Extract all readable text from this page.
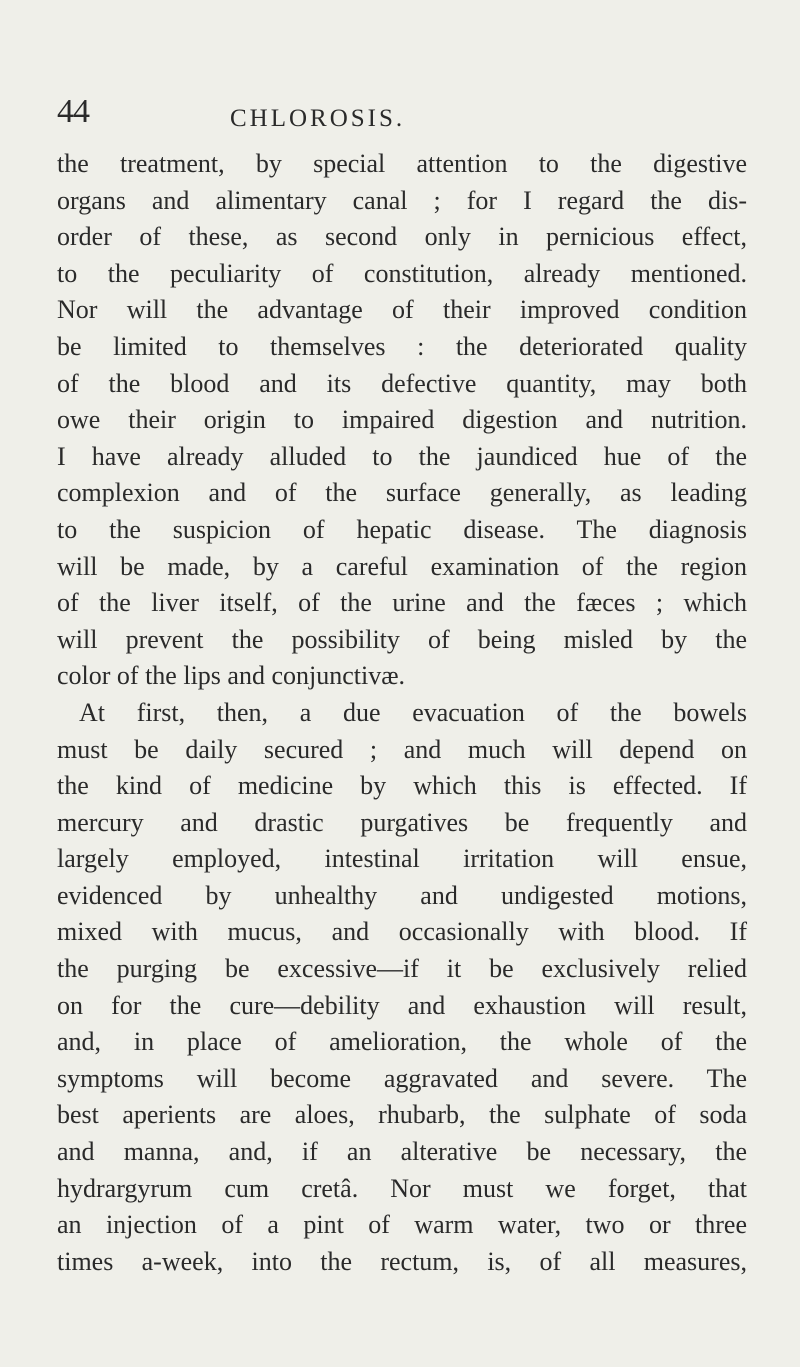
44	CHLOROSIS.
the treatment, by special attention to the digestive
organs and alimentary canal ; for I regard the dis-
order of these, as second only in pernicious effect,
to the peculiarity of constitution, already mentioned.
Nor will the advantage of their improved condition
be limited to themselves : the deteriorated quality
of the blood and its defective quantity, may both
owe their origin to impaired digestion and nutrition.
I have already alluded to the jaundiced hue of the
complexion and of the surface generally, as leading
to the suspicion of hepatic disease. The diagnosis
will be made, by a careful examination of the region
of the liver itself, of the urine and the fæces ; which
will prevent the possibility of being misled by the
color of the lips and conjunctivæ.
At first, then, a due evacuation of the bowels
must be daily secured ; and much will depend on
the kind of medicine by which this is effected. If
mercury and drastic purgatives be frequently and
largely employed, intestinal irritation will ensue,
evidenced by unhealthy and undigested motions,
mixed with mucus, and occasionally with blood. If
the purging be excessive—if it be exclusively relied
on for the cure—debility and exhaustion will result,
and, in place of amelioration, the whole of the
symptoms will become aggravated and severe. The
best aperients are aloes, rhubarb, the sulphate of soda
and manna, and, if an alterative be necessary, the
hydrargyrum cum cretâ. Nor must we forget, that
an injection of a pint of warm water, two or three
times a-week, into the rectum, is, of all measures,
